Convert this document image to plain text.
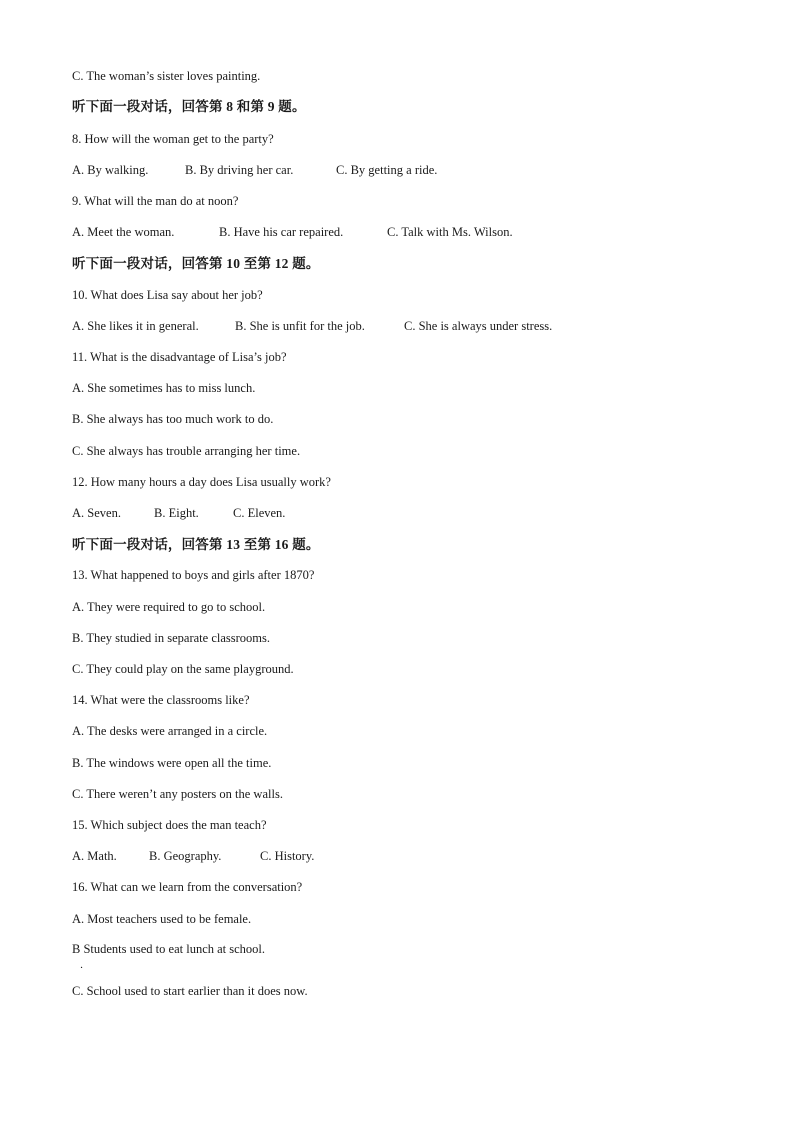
C. The woman’s sister loves painting.
听下面一段对话，回答第 8 和第 9 题。
8. How will the woman get to the party?
A. By walking.	B. By driving her car.	C. By getting a ride.
9. What will the man do at noon?
A. Meet the woman.	B. Have his car repaired.	C. Talk with Ms. Wilson.
听下面一段对话，回答第 10 至第 12 题。
10. What does Lisa say about her job?
A. She likes it in general.	B. She is unfit for the job.	C. She is always under stress.
11. What is the disadvantage of Lisa’s job?
A. She sometimes has to miss lunch.
B. She always has too much work to do.
C. She always has trouble arranging her time.
12. How many hours a day does Lisa usually work?
A. Seven.	B. Eight.	C. Eleven.
听下面一段对话，回答第 13 至第 16 题。
13. What happened to boys and girls after 1870?
A. They were required to go to school.
B. They studied in separate classrooms.
C. They could play on the same playground.
14. What were the classrooms like?
A. The desks were arranged in a circle.
B. The windows were open all the time.
C. There weren’t any posters on the walls.
15. Which subject does the man teach?
A. Math.	B. Geography.	C. History.
16. What can we learn from the conversation?
A. Most teachers used to be female.
B Students used to eat lunch at school.
．
C. School used to start earlier than it does now.
